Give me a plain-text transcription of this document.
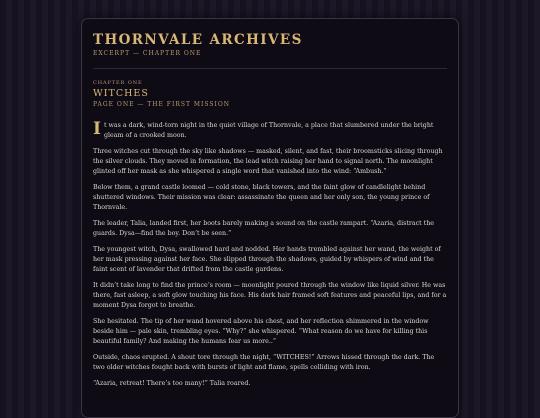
THORNVALE ARCHIVES
EXCERPT — CHAPTER ONE
CHAPTER ONE
WITCHES
PAGE ONE — THE FIRST MISSION

It was a dark, wind-torn night in the quiet village of Thornvale, a place that slumbered under the bright gleam of a crooked moon.

Three witches cut through the sky like shadows — masked, silent, and fast, their broomsticks slicing through the silver clouds. They moved in formation, the lead witch raising her hand to signal north. The moonlight glinted off her mask as she whispered a single word that vanished into the wind: “Ambush.”

Below them, a grand castle loomed — cold stone, black towers, and the faint glow of candlelight behind shuttered windows. Their mission was clear: assassinate the queen and her only son, the young prince of Thornvale.

The leader, Talia, landed first, her boots barely making a sound on the castle rampart. “Azaria, distract the guards. Dysa—find the boy. Don’t be seen.”

The youngest witch, Dysa, swallowed hard and nodded. Her hands trembled against her wand, the weight of her mask pressing against her face. She slipped through the shadows, guided by whispers of wind and the faint scent of lavender that drifted from the castle gardens.

It didn’t take long to find the prince’s room — moonlight poured through the window like liquid silver. He was there, fast asleep, a soft glow touching his face. His dark hair framed soft features and peaceful lips, and for a moment Dysa forgot to breathe.

She hesitated. The tip of her wand hovered above his chest, and her reflection shimmered in the window beside him — pale skin, trembling eyes. “Why?” she whispered. “What reason do we have for killing this beautiful family? And making the humans fear us more..”

Outside, chaos erupted. A shout tore through the night, “WITCHES!” Arrows hissed through the dark. The two older witches fought back with bursts of light and flame, spells colliding with iron.

“Azaria, retreat! There’s too many!” Talia roared.
